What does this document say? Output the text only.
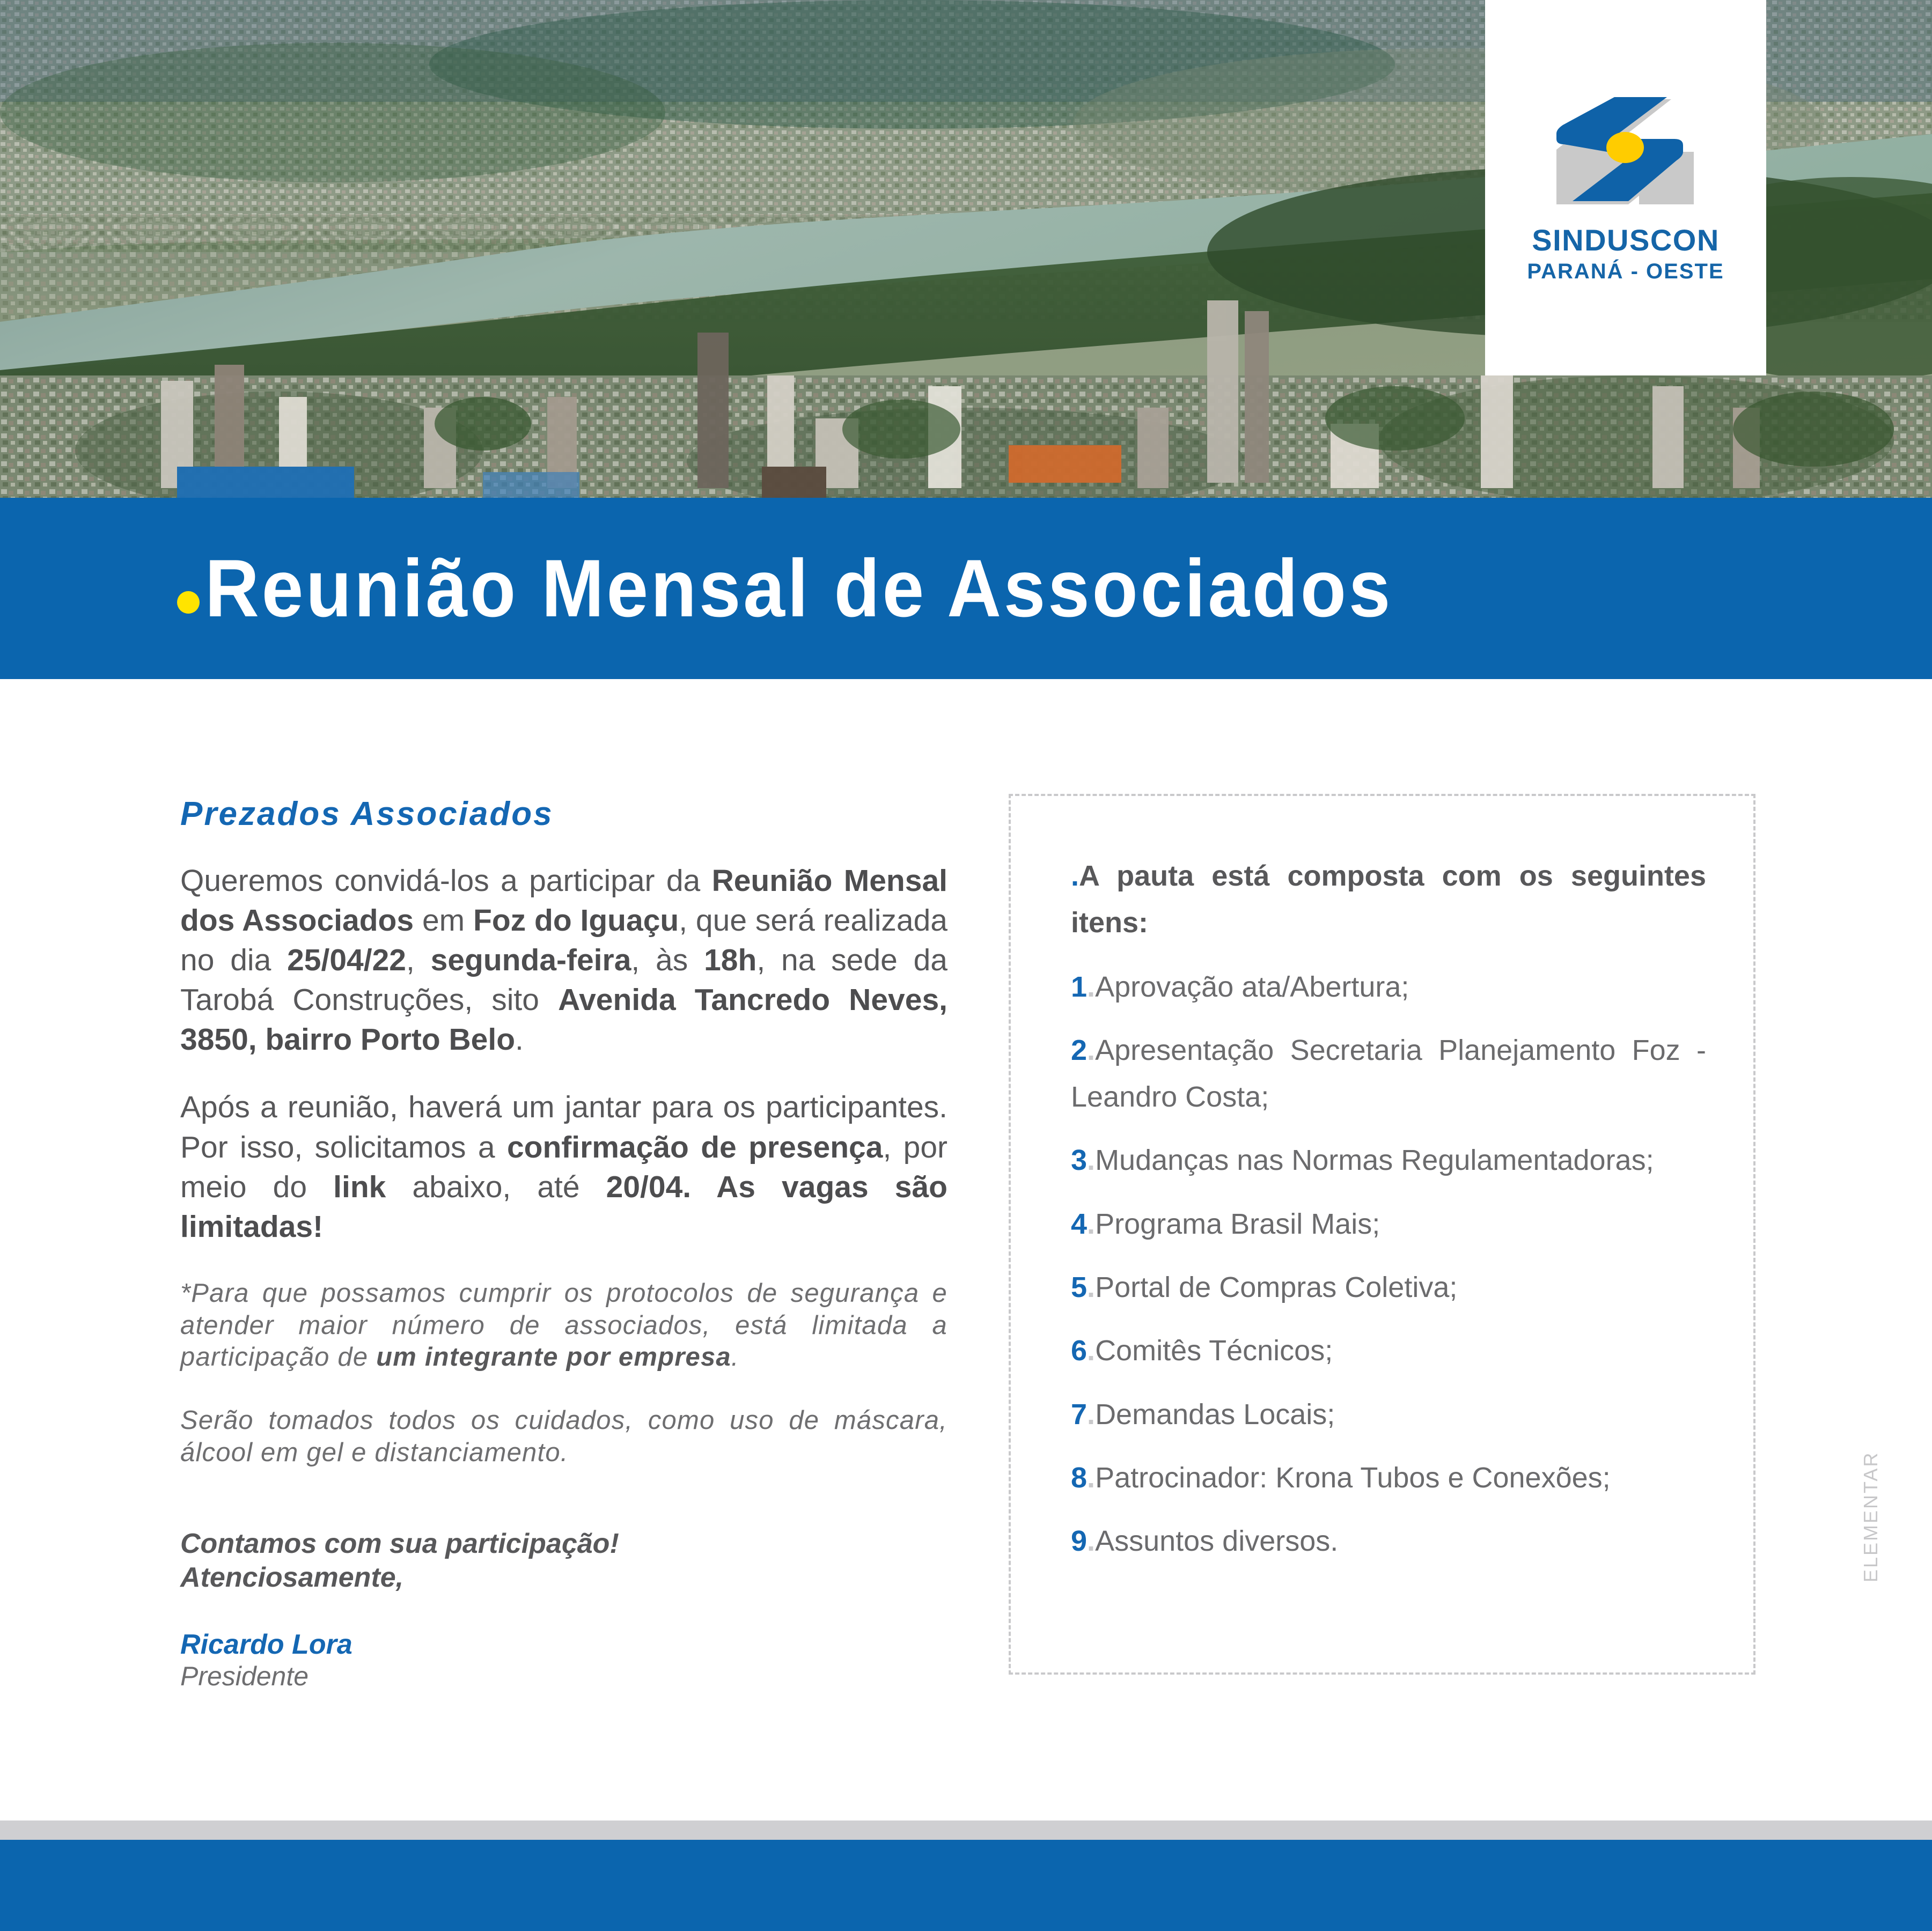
SINDUSCON
PARANÁ - OESTE
Reunião Mensal de Associados
Prezados Associados

Queremos convidá-los a participar da Reunião Mensal dos Associados em Foz do Iguaçu, que será realizada no dia 25/04/22, segunda-feira, às 18h, na sede da Tarobá Construções, sito Avenida Tancredo Neves, 3850, bairro Porto Belo.

Após a reunião, haverá um jantar para os participantes. Por isso, solicitamos a confirmação de presença, por meio do link abaixo, até 20/04. As vagas são limitadas!

*Para que possamos cumprir os protocolos de segurança e atender maior número de associados, está limitada a participação de um integrante por empresa.

Serão tomados todos os cuidados, como uso de máscara, álcool em gel e distanciamento.

Contamos com sua participação!
Atenciosamente,
Ricardo Lora
Presidente
.A pauta está composta com os seguintes itens:

1.Aprovação ata/Abertura;

2.Apresentação Secretaria Planejamento Foz - Leandro Costa;

3.Mudanças nas Normas Regulamentadoras;

4.Programa Brasil Mais;

5.Portal de Compras Coletiva;

6.Comitês Técnicos;

7.Demandas Locais;

8.Patrocinador: Krona Tubos e Conexões;

9.Assuntos diversos.	ELEMENTAR
